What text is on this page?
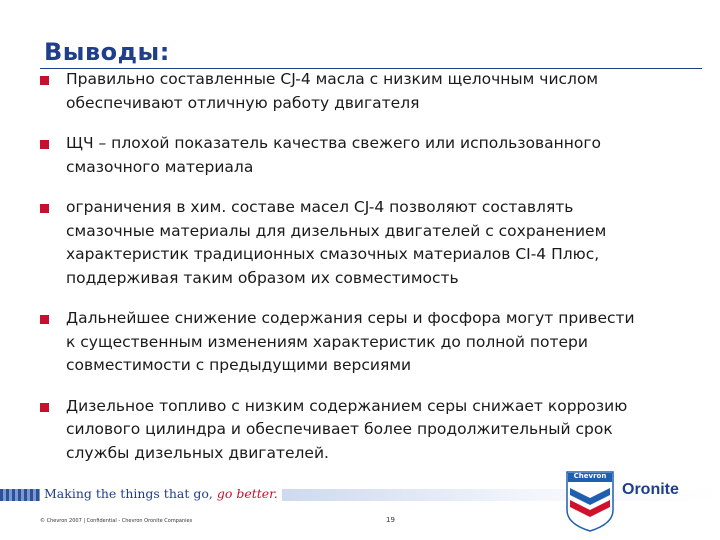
Выводы:
Правильно составленные CJ-4 масла с низким щелочным числом
обеспечивают отличную работу двигателя
ЩЧ – плохой показатель качества свежего или использованного
смазочного материала
ограничения в хим. составе масел CJ-4 позволяют составлять
смазочные материалы для дизельных двигателей с сохранением
характеристик традиционных смазочных материалов CI-4 Плюс,
поддерживая таким образом их совместимость
Дальнейшее снижение содержания серы и фосфора могут привести
к существенным изменениям характеристик до полной потери
совместимости с предыдущими версиями
Дизельное топливо с низким содержанием серы снижает коррозию
силового цилиндра и обеспечивает более продолжительный срок
службы дизельных двигателей.
Making the things that go, go better.
© Chevron 2007 | Confidential - Chevron Oronite Companies	19
Chevron
Oronite
